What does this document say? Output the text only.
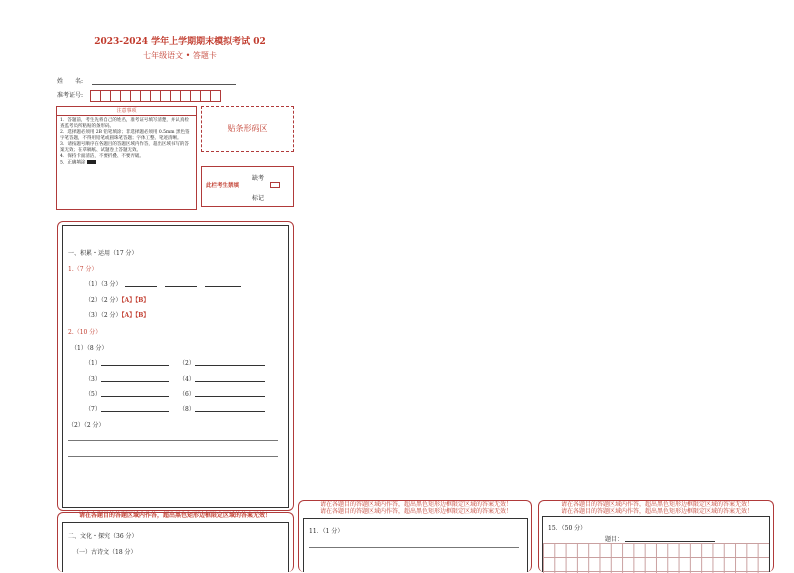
2023-2024 学年上学期期末模拟考试 02
七年级语文 • 答题卡
姓　　名:
准考证号:
注意事项
1．答题前，考生先将自己的姓名，准考证号填写清楚，并认真检查监考员所粘贴的条形码。
2．选择题必须用 2B 铅笔填涂；非选择题必须用 0.5mm 黑色签字笔答题，不得用铅笔或圆珠笔答题；字体工整、笔迹清晰。
3．请按题号顺序在各题目的答题区域内作答，超出区域书写的答案无效；在草稿纸、试题卷上答题无效。
4．保持卡面清洁，不要折叠、不要弄破。
5．正确填涂
贴条形码区
此栏考生禁填
缺考
标记
一、积累・运用（17 分）
1.（7 分）
（1）（3 分）
（2）（2 分）【A】【B】
（3）（2 分）【A】【B】
2.（10 分）
（1）（8 分）
（1）	（2）
（3）	（4）
（5）	（6）
（7）	（8）
（2）（2 分）
请在各题目的答题区域内作答，超出黑色矩形边框限定区域的答案无效！
二、文化・探究（36 分）
（一）古诗文（18 分）
请在各题目的答题区域内作答，超出黑色矩形边框限定区域的答案无效！
请在各题目的答题区域内作答，超出黑色矩形边框限定区域的答案无效！
11．（1 分）
请在各题目的答题区域内作答，超出黑色矩形边框限定区域的答案无效！
请在各题目的答题区域内作答，超出黑色矩形边框限定区域的答案无效！
15．（50 分）
题目：
